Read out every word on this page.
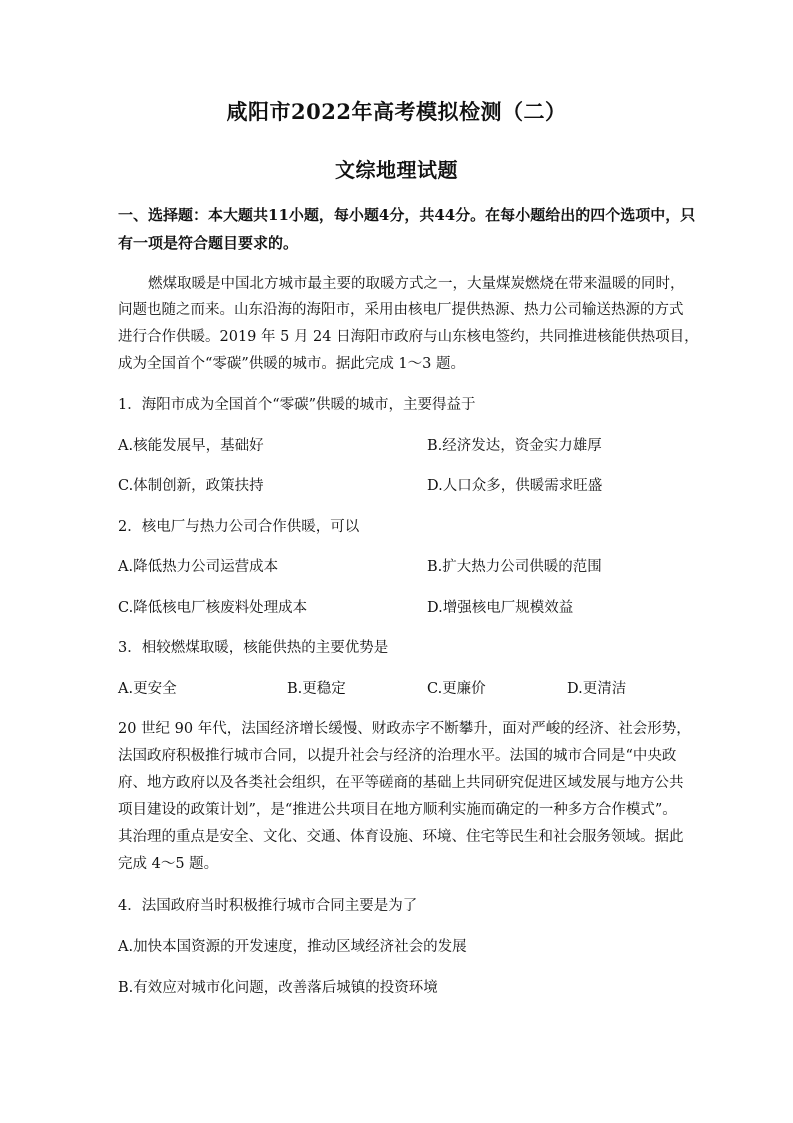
咸阳市2022年高考模拟检测（二）
文综地理试题
一、选择题：本大题共11小题，每小题4分，共44分。在每小题给出的四个选项中，只
有一项是符合题目要求的。
燃煤取暖是中国北方城市最主要的取暖方式之一，大量煤炭燃烧在带来温暖的同时，
问题也随之而来。山东沿海的海阳市，采用由核电厂提供热源、热力公司输送热源的方式
进行合作供暖。2019 年 5 月 24 日海阳市政府与山东核电签约，共同推进核能供热项目，
成为全国首个“零碳”供暖的城市。据此完成 1～3 题。
1．海阳市成为全国首个“零碳”供暖的城市，主要得益于
A.核能发展早，基础好	B.经济发达，资金实力雄厚
C.体制创新，政策扶持	D.人口众多，供暖需求旺盛
2．核电厂与热力公司合作供暖，可以
A.降低热力公司运营成本	B.扩大热力公司供暖的范围
C.降低核电厂核废料处理成本	D.增强核电厂规模效益
3．相较燃煤取暖，核能供热的主要优势是
A.更安全	B.更稳定	C.更廉价	D.更清洁
20 世纪 90 年代，法国经济增长缓慢、财政赤字不断攀升，面对严峻的经济、社会形势，
法国政府积极推行城市合同，以提升社会与经济的治理水平。法国的城市合同是“中央政
府、地方政府以及各类社会组织，在平等磋商的基础上共同研究促进区域发展与地方公共
项目建设的政策计划”，是“推进公共项目在地方顺利实施而确定的一种多方合作模式”。
其治理的重点是安全、文化、交通、体育设施、环境、住宅等民生和社会服务领域。据此
完成 4～5 题。
4．法国政府当时积极推行城市合同主要是为了
A.加快本国资源的开发速度，推动区域经济社会的发展
B.有效应对城市化问题，改善落后城镇的投资环境
